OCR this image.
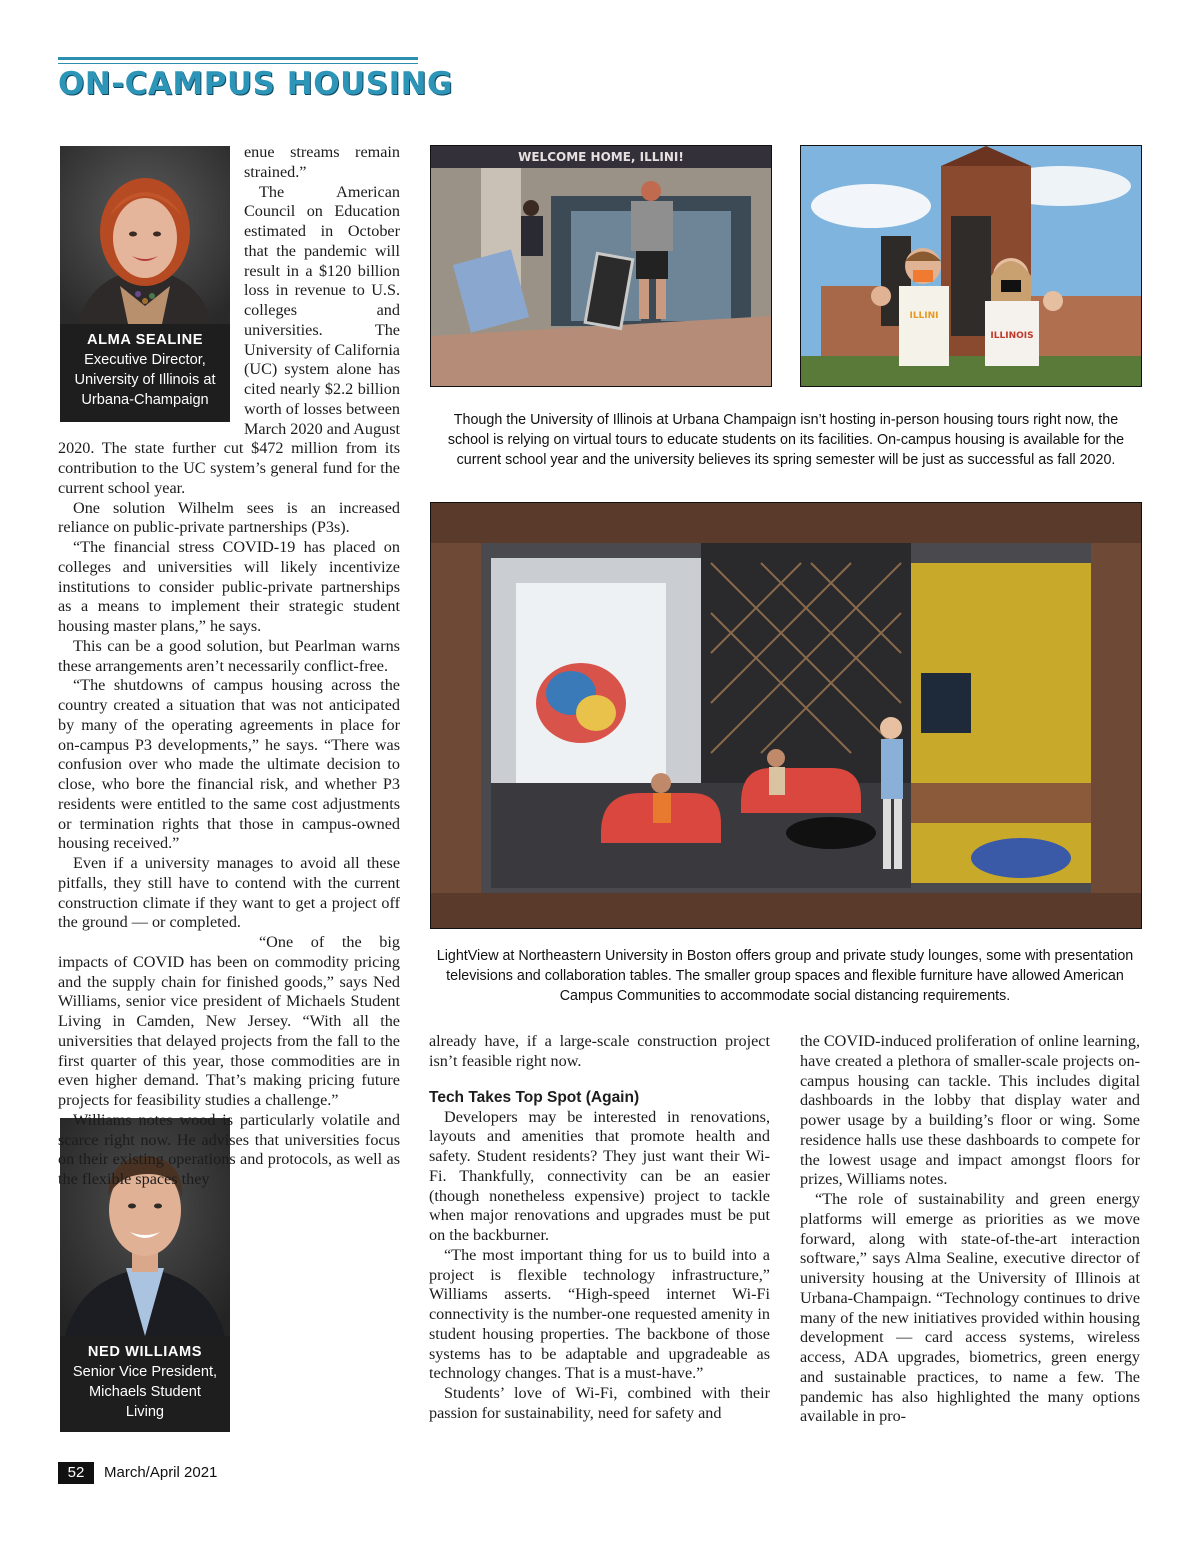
ON-CAMPUS HOUSING
ALMA SEALINE
Executive Director,
University of Illinois at
Urbana-Champaign
NED WILLIAMS
Senior Vice President,
Michaels Student
Living

enue streams remain strained.”

The American Council on Education estimated in October that the pandemic will result in a $120 billion loss in revenue to U.S. colleges and universities. The University of California (UC) system alone has cited nearly $2.2 billion worth of losses between March 2020 and August 2020. The state further cut $472 million from its contribution to the UC system’s general fund for the current school year.

One solution Wilhelm sees is an increased reliance on public-private partnerships (P3s).

“The financial stress COVID-19 has placed on colleges and universities will likely incentivize institutions to consider public-private partnerships as a means to implement their strategic student housing master plans,” he says.

This can be a good solution, but Pearlman warns these arrangements aren’t necessarily conflict-free.

“The shutdowns of campus housing across the country created a situation that was not anticipated by many of the operating agreements in place for on-campus P3 developments,” he says. “There was confusion over who made the ultimate decision to close, who bore the financial risk, and whether P3 residents were entitled to the same cost adjustments or termination rights that those in campus-owned housing received.”

Even if a university manages to avoid all these pitfalls, they still have to contend with the current construction climate if they want to get a project off the ground — or completed.

“One of the big impacts of COVID has been on commodity pricing and the supply chain for finished goods,” says Ned Williams, senior vice president of Michaels Student Living in Camden, New Jersey. “With all the universities that delayed projects from the fall to the first quarter of this year, those commodities are in even higher demand. That’s making pricing future projects for feasibility studies a challenge.”

Williams notes wood is particularly volatile and scarce right now. He advises that universities focus on their existing operations and protocols, as well as the flexible spaces they

WELCOME HOME, ILLINI!
ILLINI
ILLINOIS
Though the University of Illinois at Urbana Champaign isn’t hosting in-person housing tours right now, the school is relying on virtual tours to educate students on its facilities. On-campus housing is available for the current school year and the university believes its spring semester will be just as successful as fall 2020.
LightView at Northeastern University in Boston offers group and private study lounges, some with presentation televisions and collaboration tables. The smaller group spaces and flexible furniture have allowed American Campus Communities to accommodate social distancing requirements.

already have, if a large-scale construction project isn’t feasible right now.

Tech Takes Top Spot (Again)

Developers may be interested in renovations, layouts and amenities that promote health and safety. Student residents? They just want their Wi-Fi. Thankfully, connectivity can be an easier (though nonetheless expensive) project to tackle when major renovations and upgrades must be put on the backburner.

“The most important thing for us to build into a project is flexible technology infrastructure,” Williams asserts. “High-speed internet Wi-Fi connectivity is the number-one requested amenity in student housing properties. The backbone of those systems has to be adaptable and upgradeable as technology changes. That is a must-have.”

Students’ love of Wi-Fi, combined with their passion for sustainability, need for safety and

the COVID-induced proliferation of online learning, have created a plethora of smaller-scale projects on-campus housing can tackle. This includes digital dashboards in the lobby that display water and power usage by a building’s floor or wing. Some residence halls use these dashboards to compete for the lowest usage and impact amongst floors for prizes, Williams notes.

“The role of sustainability and green energy platforms will emerge as priorities as we move forward, along with state-of-the-art interaction software,” says Alma Sealine, executive director of university housing at the University of Illinois at Urbana-Champaign. “Technology continues to drive many of the new initiatives provided within housing development — card access systems, wireless access, ADA upgrades, biometrics, green energy and sustainable practices, to name a few. The pandemic has also highlighted the many options available in pro-

52	March/April 2021
